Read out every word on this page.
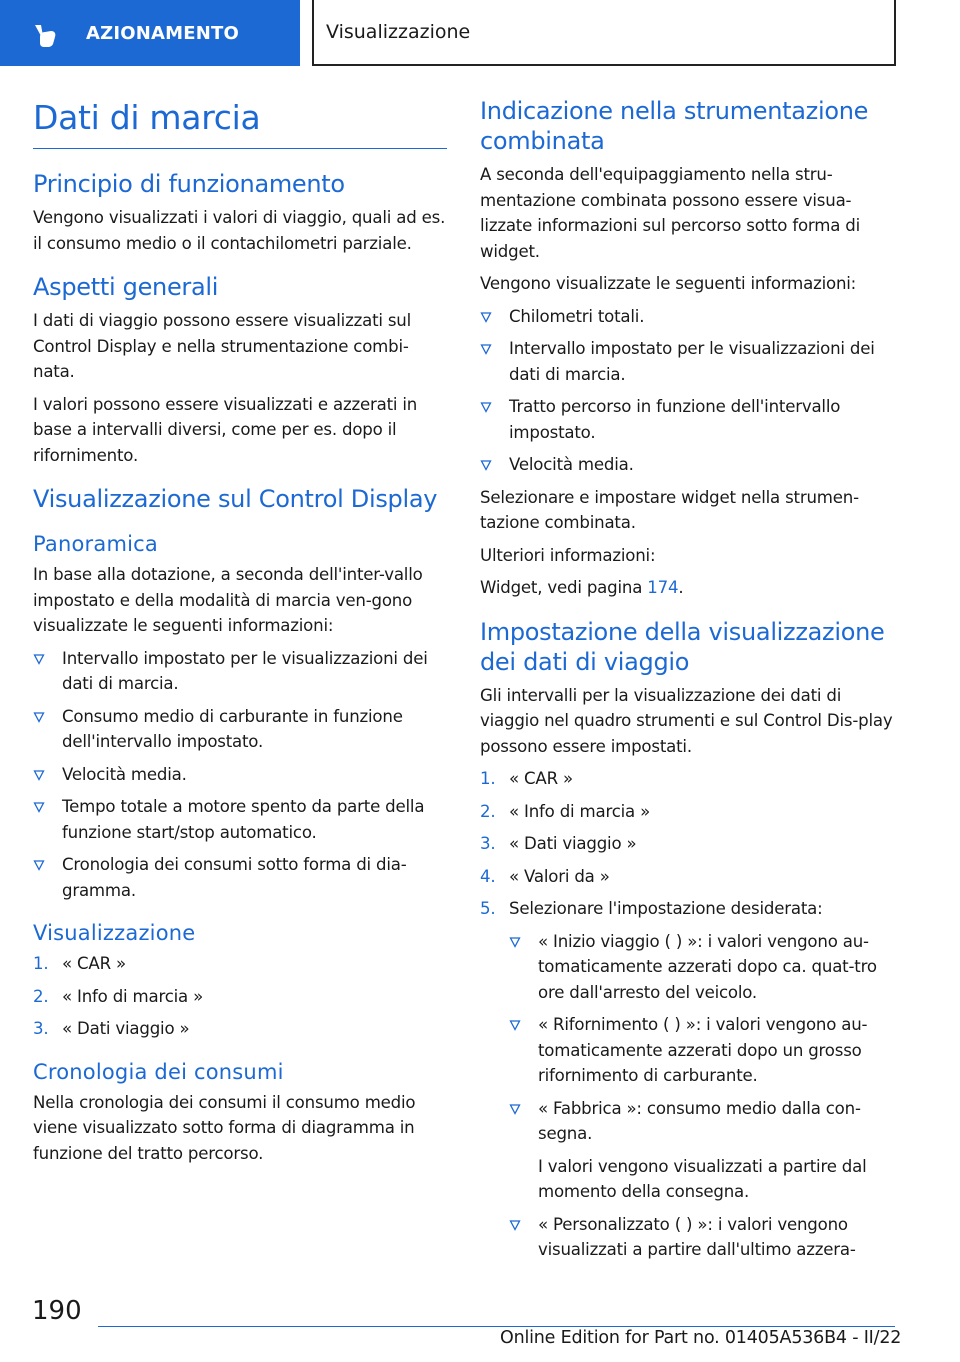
AZIONAMENTO	Visualizzazione
Dati di marcia
Principio di funzionamento

Vengono visualizzati i valori di viaggio, quali ad es. il consumo medio o il contachilometri parziale.

Aspetti generali

I dati di viaggio possono essere visualizzati sul Control Display e nella strumentazione combi-nata.

I valori possono essere visualizzati e azzerati in base a intervalli diversi, come per es. dopo il rifornimento.

Visualizzazione sul Control Display
Panoramica

In base alla dotazione, a seconda dell'inter-vallo impostato e della modalità di marcia ven-gono visualizzate le seguenti informazioni:

Intervallo impostato per le visualizzazioni dei dati di marcia.
Consumo medio di carburante in funzione dell'intervallo impostato.
Velocità media.
Tempo totale a motore spento da parte della funzione start/stop automatico.
Cronologia dei consumi sotto forma di dia-gramma.
Visualizzazione
1. « CAR »
2. « Info di marcia »
3. « Dati viaggio »
Cronologia dei consumi

Nella cronologia dei consumi il consumo medio viene visualizzato sotto forma di diagramma in funzione del tratto percorso.

Indicazione nella strumentazione combinata

A seconda dell'equipaggiamento nella stru-mentazione combinata possono essere visua-lizzate informazioni sul percorso sotto forma di widget.

Vengono visualizzate le seguenti informazioni:

Chilometri totali.
Intervallo impostato per le visualizzazioni dei dati di marcia.
Tratto percorso in funzione dell'intervallo impostato.
Velocità media.

Selezionare e impostare widget nella strumen-tazione combinata.

Ulteriori informazioni:

Widget, vedi pagina 174.

Impostazione della visualizzazione dei dati di viaggio

Gli intervalli per la visualizzazione dei dati di viaggio nel quadro strumenti e sul Control Dis-play possono essere impostati.

1. « CAR »
2. « Info di marcia »
3. « Dati viaggio »
4. « Valori da »
5. Selezionare l'impostazione desiderata:
« Inizio viaggio ( ) »: i valori vengono au-tomaticamente azzerati dopo ca. quat-tro ore dall'arresto del veicolo.
« Rifornimento ( ) »: i valori vengono au-tomaticamente azzerati dopo un grosso rifornimento di carburante.
« Fabbrica »: consumo medio dalla con-segna.
I valori vengono visualizzati a partire dal momento della consegna.
« Personalizzato ( ) »: i valori vengono visualizzati a partire dall'ultimo azzera-
190
Online Edition for Part no. 01405A536B4 - II/22
